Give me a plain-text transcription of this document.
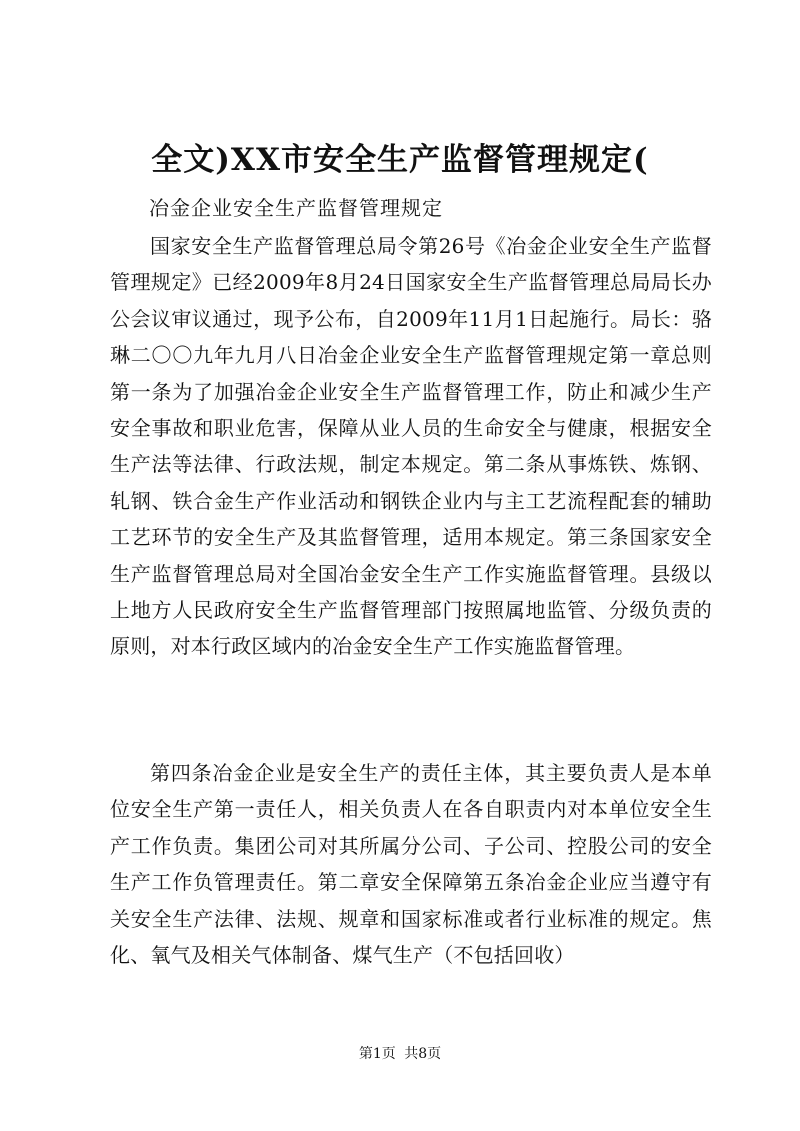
全文)XX市安全生产监督管理规定(
冶金企业安全生产监督管理规定
国家安全生产监督管理总局令第26号《冶金企业安全生产监督管理规定》已经2009年8月24日国家安全生产监督管理总局局长办公会议审议通过，现予公布，自2009年11月1日起施行。局长：骆琳二〇〇九年九月八日冶金企业安全生产监督管理规定第一章总则第一条为了加强冶金企业安全生产监督管理工作，防止和减少生产安全事故和职业危害，保障从业人员的生命安全与健康，根据安全生产法等法律、行政法规，制定本规定。第二条从事炼铁、炼钢、轧钢、铁合金生产作业活动和钢铁企业内与主工艺流程配套的辅助工艺环节的安全生产及其监督管理，适用本规定。第三条国家安全生产监督管理总局对全国冶金安全生产工作实施监督管理。县级以上地方人民政府安全生产监督管理部门按照属地监管、分级负责的原则，对本行政区域内的冶金安全生产工作实施监督管理。
第四条冶金企业是安全生产的责任主体，其主要负责人是本单位安全生产第一责任人，相关负责人在各自职责内对本单位安全生产工作负责。集团公司对其所属分公司、子公司、控股公司的安全生产工作负管理责任。第二章安全保障第五条冶金企业应当遵守有关安全生产法律、法规、规章和国家标准或者行业标准的规定。焦化、氧气及相关气体制备、煤气生产（不包括回收）
第1页 共8页
